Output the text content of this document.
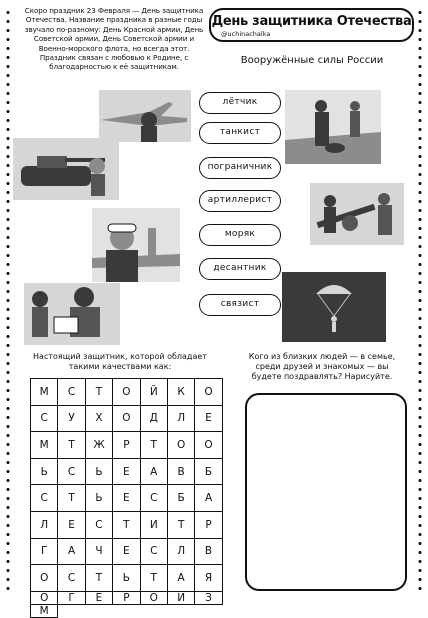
Скоро праздник 23 Февраля — День защитника
Отечества. Название праздника в разные годы
звучало по-разному: День Красной армии, День
Советской армии, День Советской армии и
Военно-морского флота, но всегда этот.
Праздник связан с любовью к Родине, с
благодарностью к её защитникам.
День защитника Отечества
@uchinachalka
Вооружённые силы России
лётчик
танкист
пограничник
артиллерист
моряк
десантник
связист
Настоящий защитник, которой обладает
такими качествами как:
Кого из близких людей — в семье,
среди друзей и знакомых — вы
будете поздравлять? Нарисуйте.
М	С	Т	О	Й	К	О
С	У	Х	О	Д	Л	Е
М	Т	Ж	Р	Т	О	О
Ь	С	Ь	Е	А	В	Б
С	Т	Ь	Е	С	Б	А
Л	Е	С	Т	И	Т	Р
Г	А	Ч	Е	С	Л	В
О	С	Т	Ь	Т	А	Я
О	Г	Е	Р	О	И	З
М
